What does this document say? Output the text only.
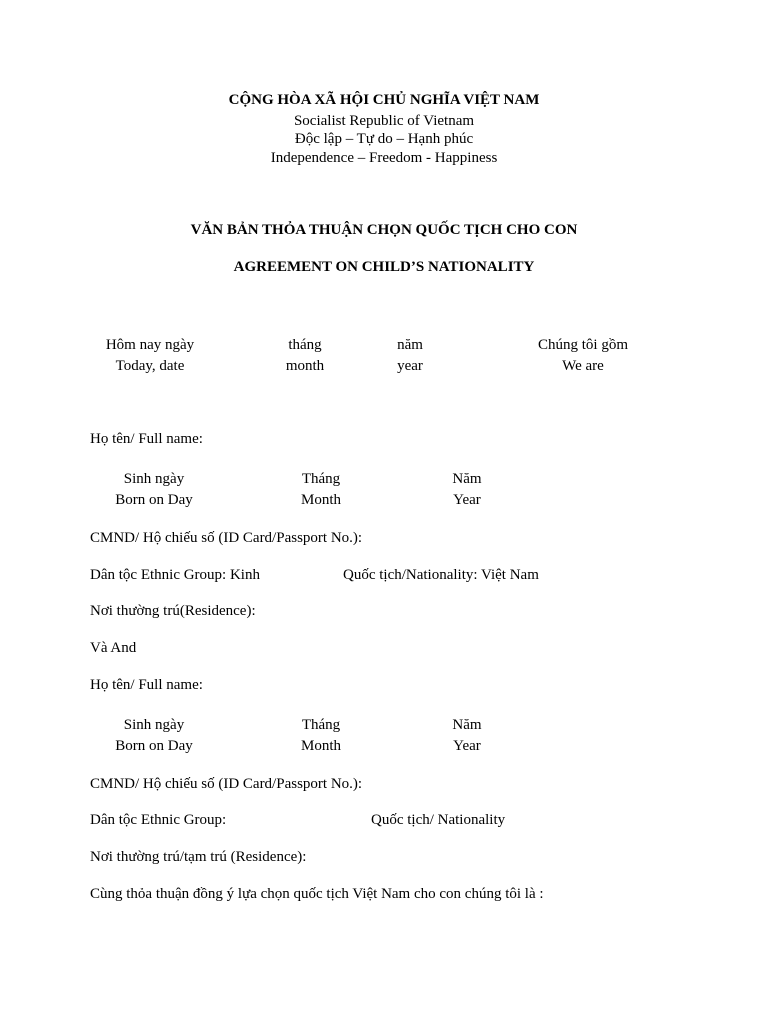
CỘNG HÒA XÃ HỘI CHỦ NGHĨA VIỆT NAM
Socialist Republic of Vietnam
Độc lập – Tự do – Hạnh phúc
Independence – Freedom - Happiness
VĂN BẢN THỎA THUẬN CHỌN QUỐC TỊCH CHO CON
AGREEMENT ON CHILD’S NATIONALITY
Hôm nay ngày
Today, date
tháng
month
năm
year
Chúng tôi gồm
We are
Họ tên/ Full name:
Sinh ngày
Born on Day
Tháng
Month
Năm
Year
CMND/ Hộ chiếu số (ID Card/Passport No.):
Dân tộc Ethnic Group: Kinh	Quốc tịch/Nationality: Việt Nam
Nơi thường trú(Residence):
Và And
Họ tên/ Full name:
Sinh ngày
Born on Day
Tháng
Month
Năm
Year
CMND/ Hộ chiếu số (ID Card/Passport No.):
Dân tộc Ethnic Group:	Quốc tịch/ Nationality
Nơi thường trú/tạm trú (Residence):
Cùng thỏa thuận đồng ý lựa chọn quốc tịch Việt Nam cho con chúng tôi là :
